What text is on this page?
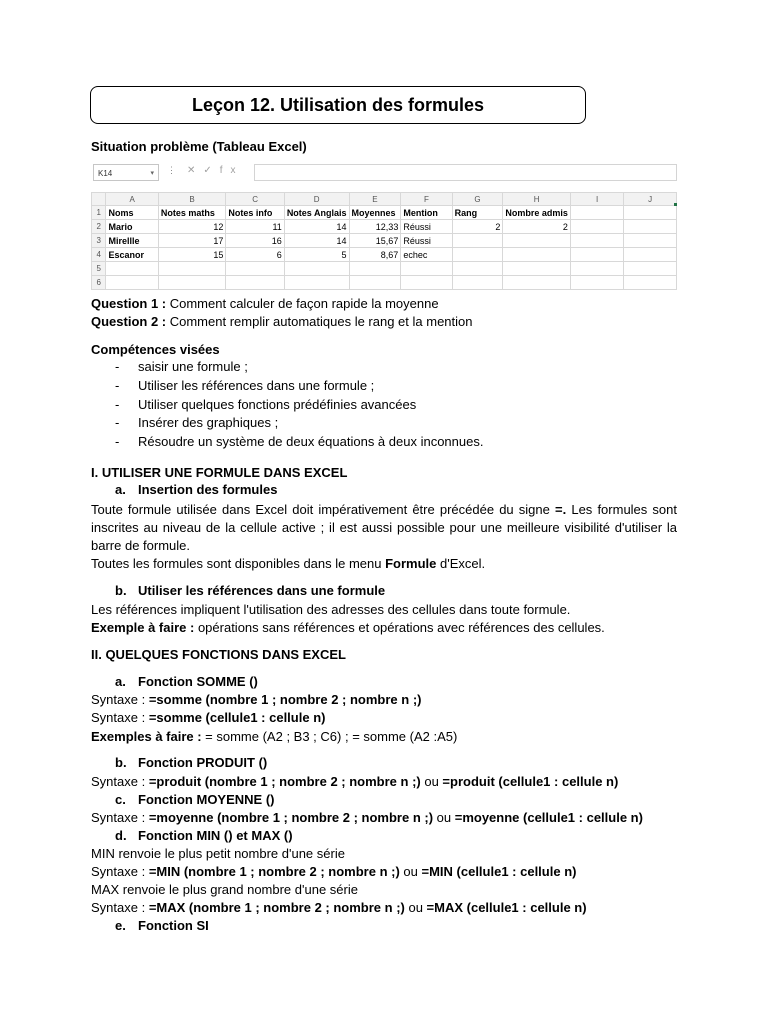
Leçon 12. Utilisation des formules
Situation problème (Tableau Excel)
K14	▾ ⋮ ✕✓fx
	A	B	C	D	E	F	G	H	I	J
1	Noms	Notes maths	Notes info	Notes Anglais	Moyennes	Mention	Rang	Nombre admis		
2	Mario	12	11	14	12,33	Réussi	2	2		
3	Mirellle	17	16	14	15,67	Réussi				
4	Escanor	15	6	5	8,67	echec				
5										
6										
Question 1 : Comment calculer de façon rapide la moyenne
Question 2 : Comment remplir automatiques le rang et la mention
Compétences visées
- saisir une formule ;
- Utiliser les références dans une formule ;
- Utiliser quelques fonctions prédéfinies avancées
- Insérer des graphiques ;
- Résoudre un système de deux équations à deux inconnues.
I. UTILISER UNE FORMULE DANS EXCEL
a. Insertion des formules
Toute formule utilisée dans Excel doit impérativement être précédée du signe =. Les formules sont inscrites au niveau de la cellule active ; il est aussi possible pour une meilleure visibilité d'utiliser la barre de formule.
Toutes les formules sont disponibles dans le menu Formule d'Excel.
b. Utiliser les références dans une formule
Les références impliquent l'utilisation des adresses des cellules dans toute formule.
Exemple à faire : opérations sans références et opérations avec références des cellules.
II. QUELQUES FONCTIONS DANS EXCEL
a. Fonction SOMME ()
Syntaxe : =somme (nombre 1 ; nombre 2 ; nombre n ;)
Syntaxe : =somme (cellule1 : cellule n)
Exemples à faire : = somme (A2 ; B3 ; C6) ; = somme (A2 :A5)
b. Fonction PRODUIT ()
Syntaxe : =produit (nombre 1 ; nombre 2 ; nombre n ;) ou =produit (cellule1 : cellule n)
c. Fonction MOYENNE ()
Syntaxe : =moyenne (nombre 1 ; nombre 2 ; nombre n ;) ou =moyenne (cellule1 : cellule n)
d. Fonction MIN () et MAX ()
MIN renvoie le plus petit nombre d'une série
Syntaxe : =MIN (nombre 1 ; nombre 2 ; nombre n ;) ou =MIN (cellule1 : cellule n)
MAX renvoie le plus grand nombre d'une série
Syntaxe : =MAX (nombre 1 ; nombre 2 ; nombre n ;) ou =MAX (cellule1 : cellule n)
e. Fonction SI
